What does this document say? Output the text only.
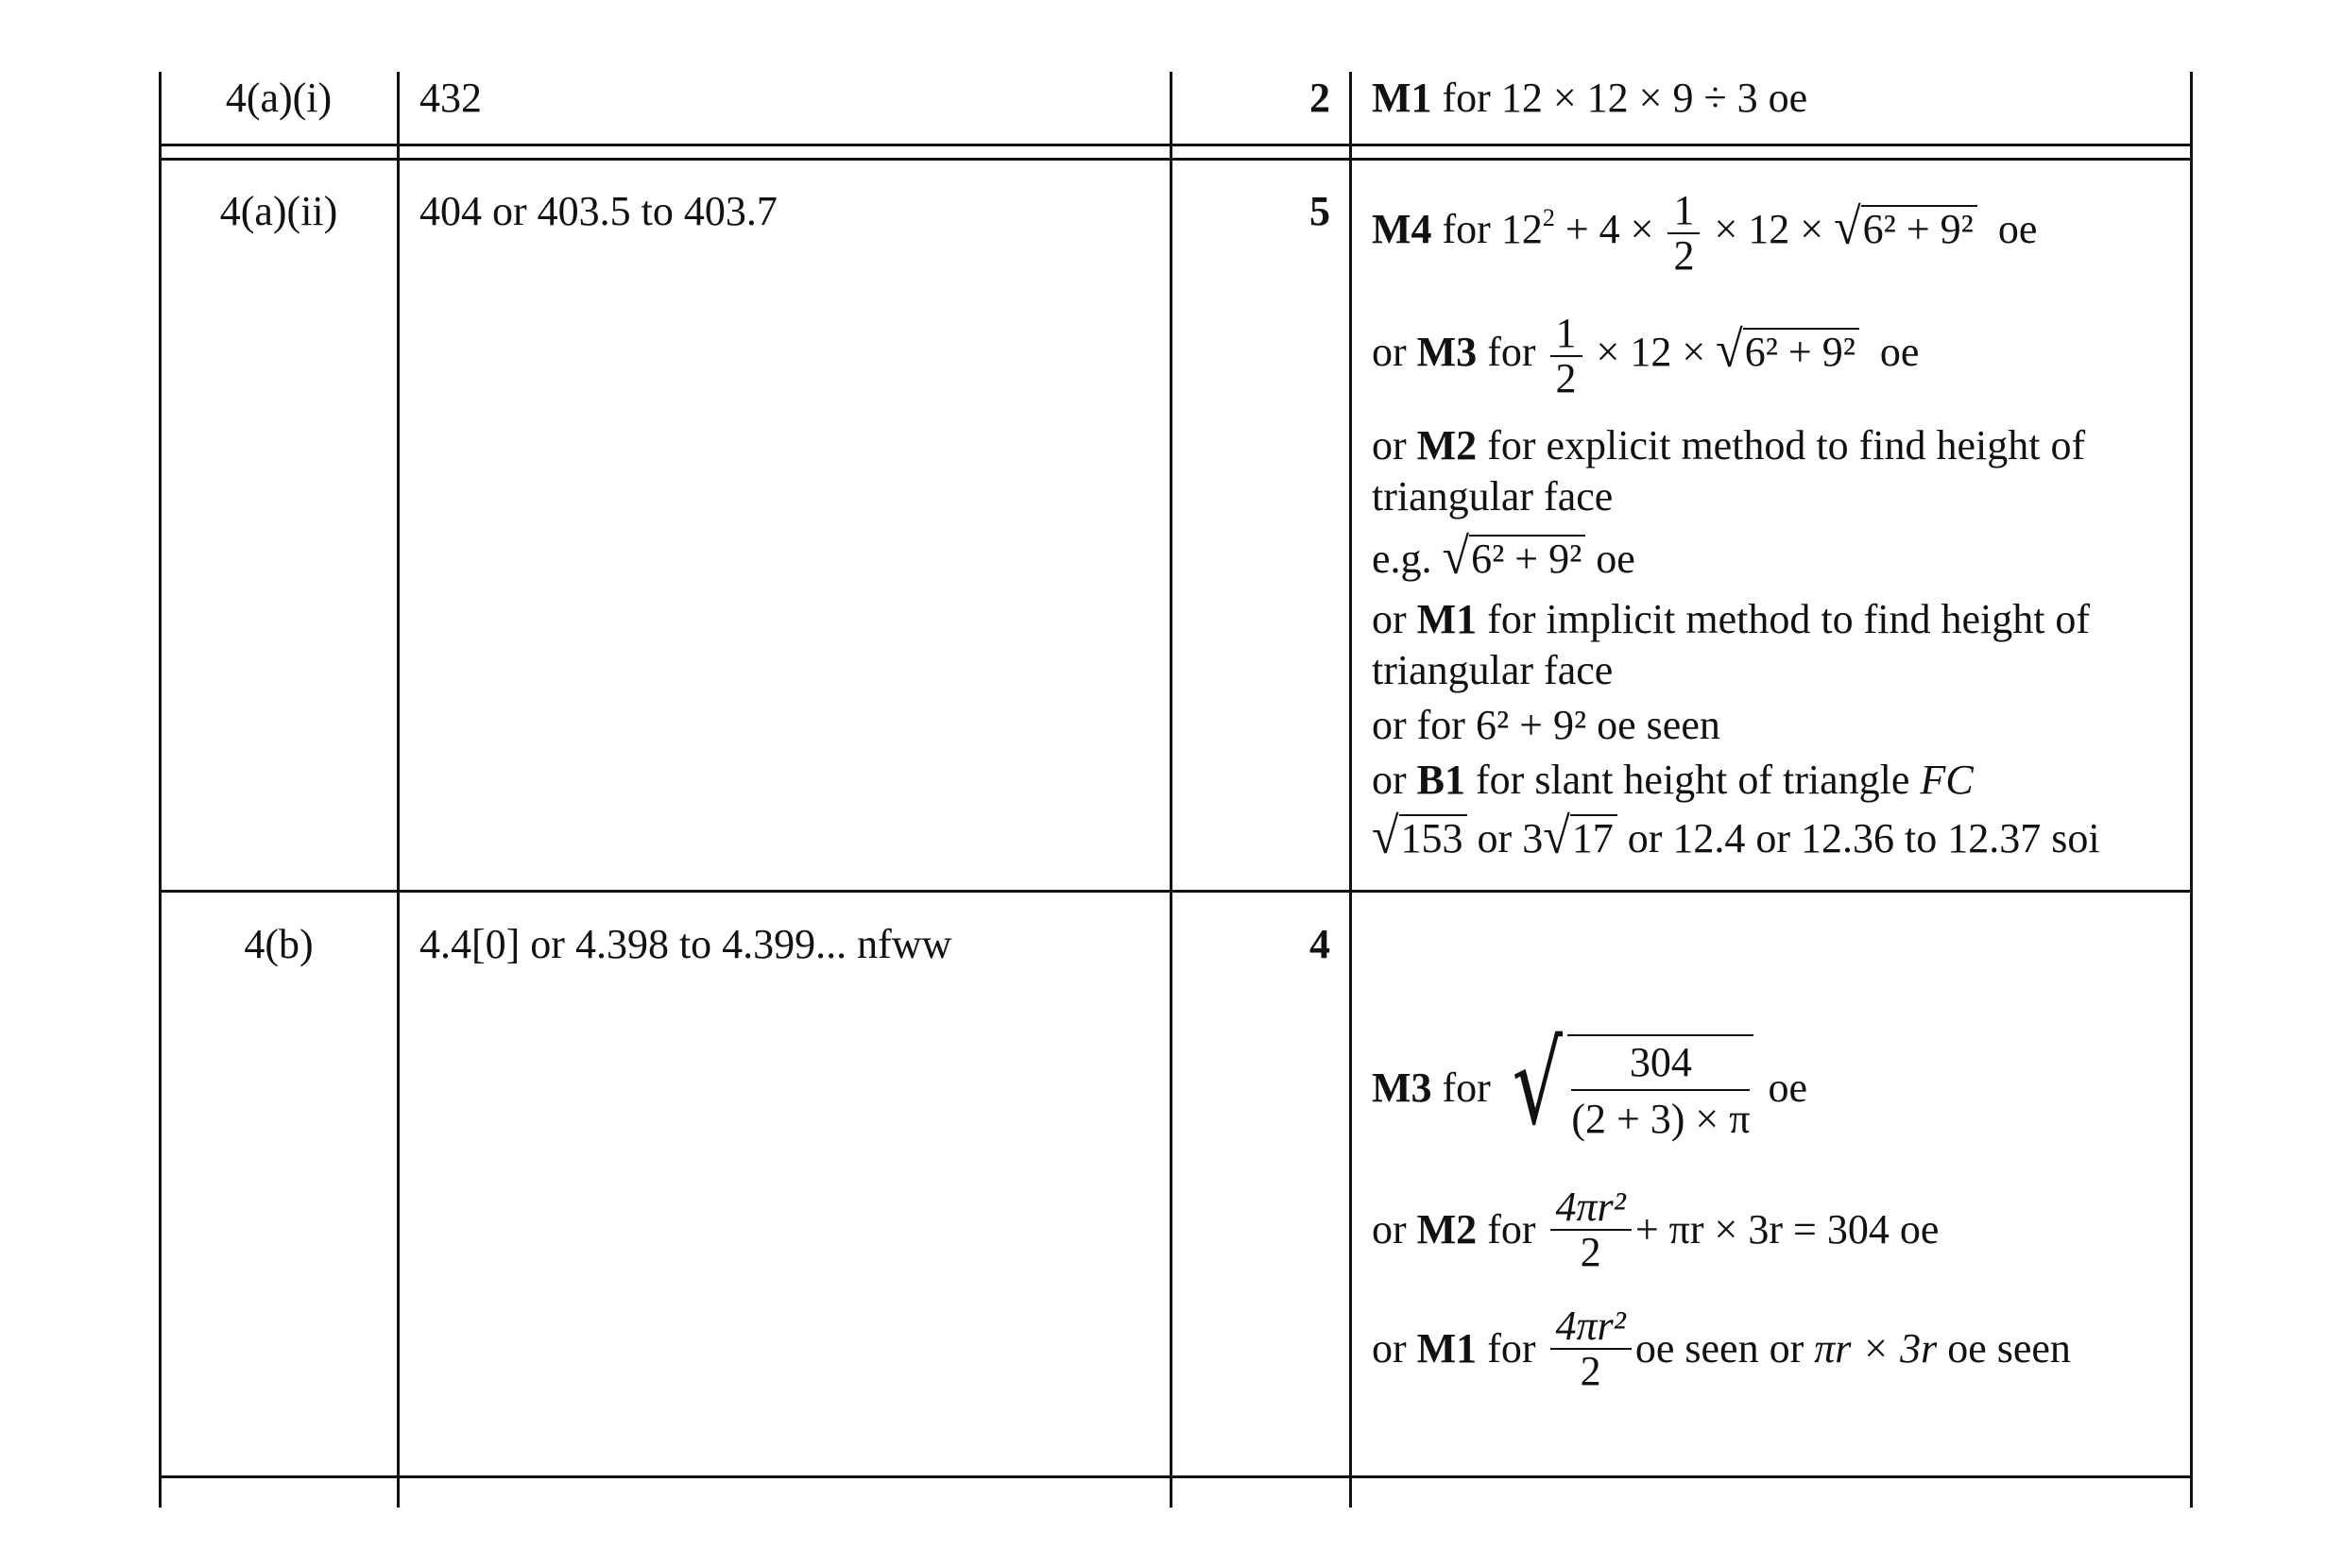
4(a)(i)	432	2 M1 for 12 × 12 × 9 ÷ 3 oe
4(a)(ii)	404 or 403.5 to 403.7	5 M4 for $12^2 + 4 \times \frac{1}{2} \times 12$ × √ 6² + 9² oe
or M3 for $\frac{1}{2} \times 12$ × √ 6² + 9² oe
or M2 for explicit method to find height of
triangular face
e.g. √ 6² + 9² oe
or M1 for implicit method to find height of
triangular face
or for 6² + 9² oe seen
or B1 for slant height of triangle FC
√ 153 or 3 √ 17 or 12.4 or 12.36 to 12.37 soi
4(b)	4.4[0] or 4.398 to 4.399... nfww	4
M3
for
√ $\frac{304}{(2 + 3) \times \pi}$
oe
or
M2
for
$\frac{\text{4πr²}}{2} + \pi r \times 3r = 304$ oe
or
M1
for
$\frac{\text{4πr²}}{2}$ oe seen or
πr × 3r
oe seen
